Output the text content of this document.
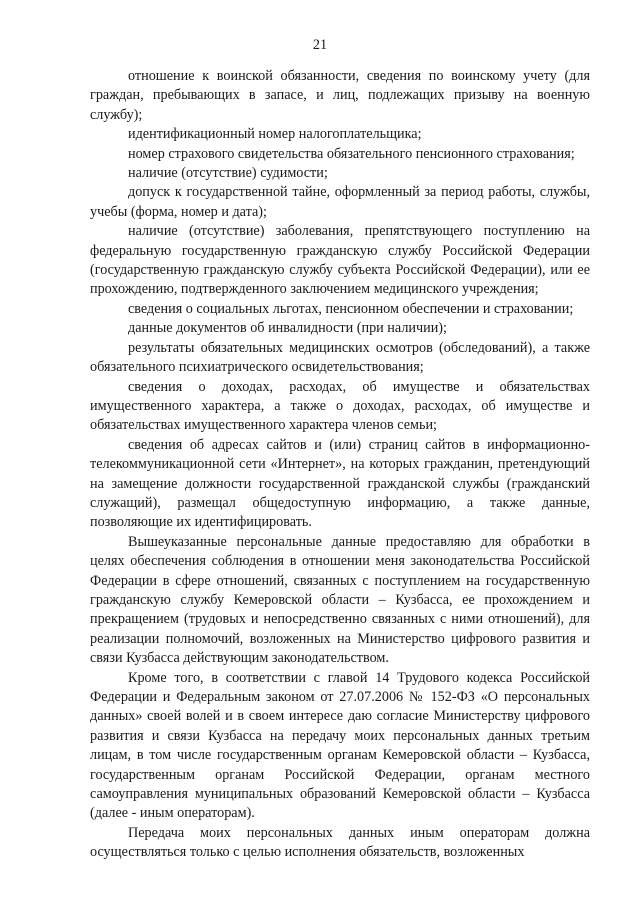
21

отношение к воинской обязанности, сведения по воинскому учету (для граждан, пребывающих в запасе, и лиц, подлежащих призыву на военную службу);

идентификационный номер налогоплательщика;

номер страхового свидетельства обязательного пенсионного страхования;

наличие (отсутствие) судимости;

допуск к государственной тайне, оформленный за период работы, службы, учебы (форма, номер и дата);

наличие (отсутствие) заболевания, препятствующего поступлению на федеральную государственную гражданскую службу Российской Федерации (государственную гражданскую службу субъекта Российской Федерации), или ее прохождению, подтвержденного заключением медицинского учреждения;

сведения о социальных льготах, пенсионном обеспечении и страховании;

данные документов об инвалидности (при наличии);

результаты обязательных медицинских осмотров (обследований), а также обязательного психиатрического освидетельствования;

сведения о доходах, расходах, об имуществе и обязательствах имущественного характера, а также о доходах, расходах, об имуществе и обязательствах имущественного характера членов семьи;

сведения об адресах сайтов и (или) страниц сайтов в информационно-телекоммуникационной сети «Интернет», на которых гражданин, претендующий на замещение должности государственной гражданской службы (гражданский служащий), размещал общедоступную информацию, а также данные, позволяющие их идентифицировать.

Вышеуказанные персональные данные предоставляю для обработки в целях обеспечения соблюдения в отношении меня законодательства Российской Федерации в сфере отношений, связанных с поступлением на государственную гражданскую службу Кемеровской области – Кузбасса, ее прохождением и прекращением (трудовых и непосредственно связанных с ними отношений), для реализации полномочий, возложенных на Министерство цифрового развития и связи Кузбасса действующим законодательством.

Кроме того, в соответствии с главой 14 Трудового кодекса Российской Федерации и Федеральным законом от 27.07.2006 № 152-ФЗ «О персональных данных» своей волей и в своем интересе даю согласие Министерству цифрового развития и связи Кузбасса на передачу моих персональных данных третьим лицам, в том числе государственным органам Кемеровской области – Кузбасса, государственным органам Российской Федерации, органам местного самоуправления муниципальных образований Кемеровской области – Кузбасса (далее - иным операторам).

Передача моих персональных данных иным операторам должна осуществляться только с целью исполнения обязательств, возложенных
